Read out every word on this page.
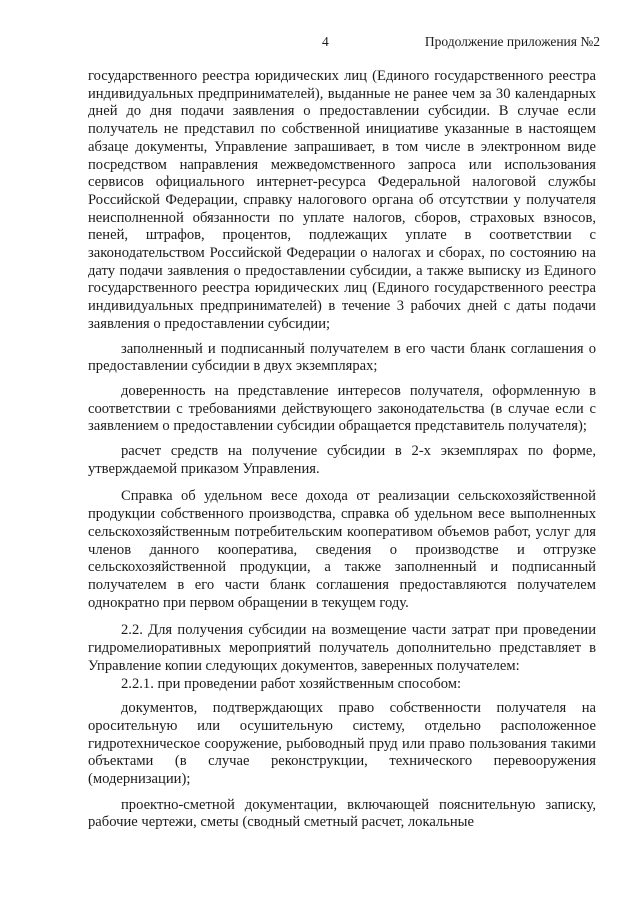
4	Продолжение приложения №2

государственного реестра юридических лиц (Единого государственного реестра индивидуальных предпринимателей), выданные не ранее чем за 30 календарных дней до дня подачи заявления о предоставлении субсидии. В случае если получатель не представил по собственной инициативе указанные в настоящем абзаце документы, Управление запрашивает, в том числе в электронном виде посредством направления межведомственного запроса или использования сервисов официального интернет-ресурса Федеральной налоговой службы Российской Федерации, справку налогового органа об отсутствии у получателя неисполненной обязанности по уплате налогов, сборов, страховых взносов, пеней, штрафов, процентов, подлежащих уплате в соответствии с законодательством Российской Федерации о налогах и сборах, по состоянию на дату подачи заявления о предоставлении субсидии, а также выписку из Единого государственного реестра юридических лиц (Единого государственного реестра индивидуальных предпринимателей) в течение 3 рабочих дней с даты подачи заявления о предоставлении субсидии;

заполненный и подписанный получателем в его части бланк соглашения о предоставлении субсидии в двух экземплярах;

доверенность на представление интересов получателя, оформленную в соответствии с требованиями действующего законодательства (в случае если с заявлением о предоставлении субсидии обращается представитель получателя);

расчет средств на получение субсидии в 2-х экземплярах по форме, утверждаемой приказом Управления.

Справка об удельном весе дохода от реализации сельскохозяйственной продукции собственного производства, справка об удельном весе выполненных сельскохозяйственным потребительским кооперативом объемов работ, услуг для членов данного кооператива, сведения о производстве и отгрузке сельскохозяйственной продукции, а также заполненный и подписанный получателем в его части бланк соглашения предоставляются получателем однократно при первом обращении в текущем году.

2.2. Для получения субсидии на возмещение части затрат при проведении гидромелиоративных мероприятий получатель дополнительно представляет в Управление копии следующих документов, заверенных получателем:

2.2.1. при проведении работ хозяйственным способом:

документов, подтверждающих право собственности получателя на оросительную или осушительную систему, отдельно расположенное гидротехническое сооружение, рыбоводный пруд или право пользования такими объектами (в случае реконструкции, технического перевооружения (модернизации);

проектно-сметной документации, включающей пояснительную записку, рабочие чертежи, сметы (сводный сметный расчет, локальные
